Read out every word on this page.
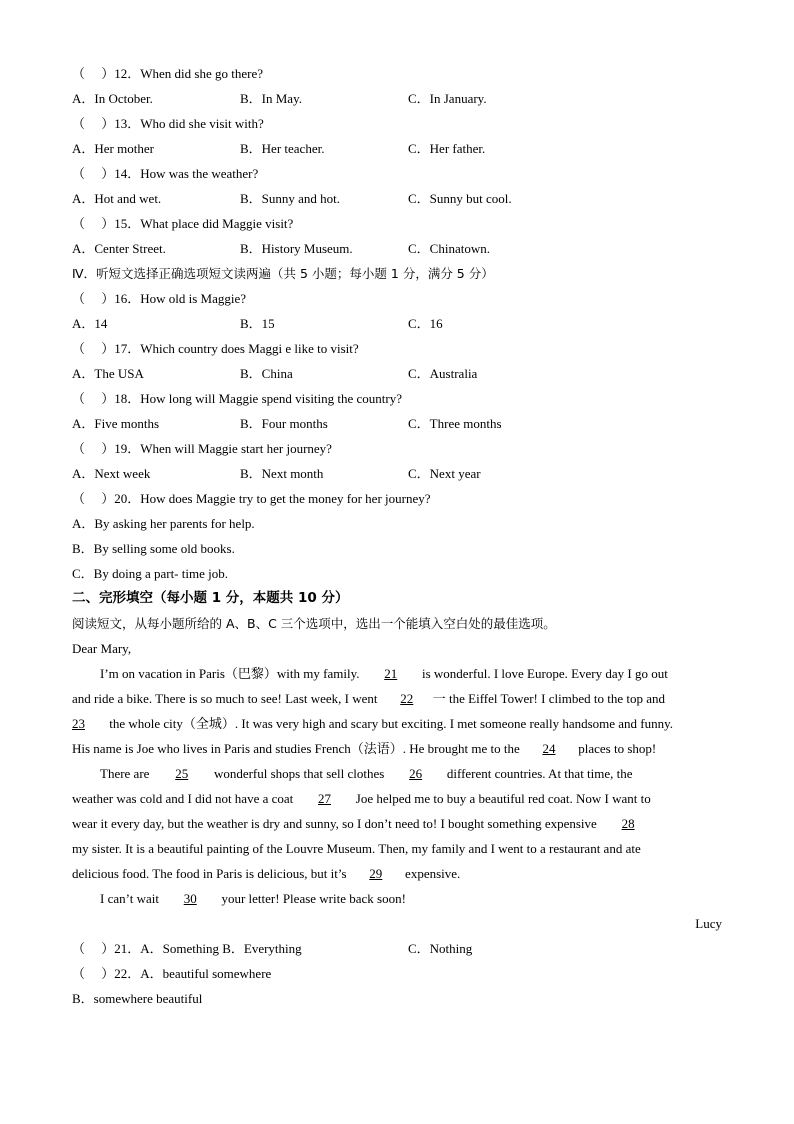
（　 ）12．When did she go there?
A．In October.	B．In May.	C．In January.
（　 ）13．Who did she visit with?
A．Her mother	B．Her teacher.	C．Her father.
（　 ）14．How was the weather?
A．Hot and wet.	B．Sunny and hot.	C．Sunny but cool.
（　 ）15．What place did Maggie visit?
A．Center Street.	B．History Museum.	C．Chinatown.
Ⅳ．听短文选择正确选项短文读两遍（共 5 小题；每小题 1 分，满分 5 分）
（　 ）16．How old is Maggie?
A．14	B．15	C．16
（　 ）17．Which country does Maggi e like to visit?
A．The USA	B．China	C．Australia
（　 ）18．How long will Maggie spend visiting the country?
A．Five months	B．Four months	C．Three months
（　 ）19．When will Maggie start her journey?
A．Next week	B．Next month	C．Next year
（　 ）20．How does Maggie try to get the money for her journey?
A．By asking her parents for help.
B．By selling some old books.
C．By doing a part- time job.
二、完形填空（每小题 1 分，本题共 10 分）
阅读短文，从每小题所给的 A、B、C 三个选项中，选出一个能填入空白处的最佳选项。
Dear Mary,
I’m on vacation in Paris（巴黎）with my family. 21 is wonderful. I love Europe. Every day I go out
and ride a bike. There is so much to see! Last week, I went 22 一 the Eiffel Tower! I climbed to the top and
23 the whole city（全城）. It was very high and scary but exciting. I met someone really handsome and funny.
His name is Joe who lives in Paris and studies French（法语）. He brought me to the 24 places to shop!
There are 25 wonderful shops that sell clothes 26 different countries. At that time, the
weather was cold and I did not have a coat 27 Joe helped me to buy a beautiful red coat. Now I want to
wear it every day, but the weather is dry and sunny, so I don’t need to! I bought something expensive 28
my sister. It is a beautiful painting of the Louvre Museum. Then, my family and I went to a restaurant and ate
delicious food. The food in Paris is delicious, but it’s 29 expensive.
I can’t wait 30 your letter! Please write back soon!
Lucy
（　 ）21．A．Something B．Everything	C．Nothing
（　 ）22．A．beautiful somewhere
B．somewhere beautiful
